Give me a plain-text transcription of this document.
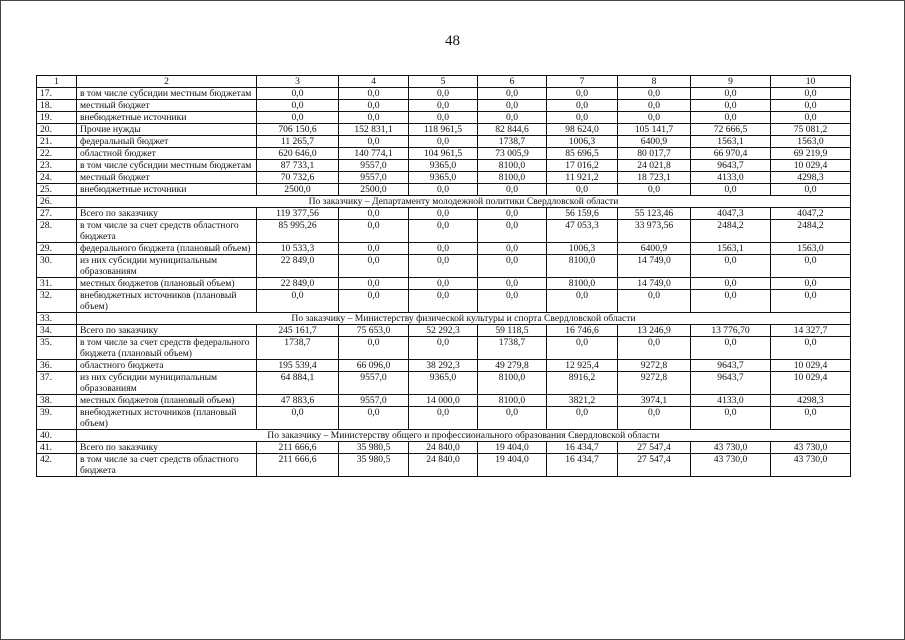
48
1	2	3	4	5	6	7	8	9	10
17.	в том числе субсидии местным бюджетам	0,0	0,0	0,0	0,0	0,0	0,0	0,0	0,0
18.	местный бюджет	0,0	0,0	0,0	0,0	0,0	0,0	0,0	0,0
19.	внебюджетные источники	0,0	0,0	0,0	0,0	0,0	0,0	0,0	0,0
20.	Прочие нужды	706 150,6	152 831,1	118 961,5	82 844,6	98 624,0	105 141,7	72 666,5	75 081,2
21.	федеральный бюджет	11 265,7	0,0	0,0	1738,7	1006,3	6400,9	1563,1	1563,0
22.	областной бюджет	620 646,0	140 774,1	104 961,5	73 005,9	85 696,5	80 017,7	66 970,4	69 219,9
23.	в том числе субсидии местным бюджетам	87 733,1	9557,0	9365,0	8100,0	17 016,2	24 021,8	9643,7	10 029,4
24.	местный бюджет	70 732,6	9557,0	9365,0	8100,0	11 921,2	18 723,1	4133,0	4298,3
25.	внебюджетные источники	2500,0	2500,0	0,0	0,0	0,0	0,0	0,0	0,0
26.	По заказчику – Департаменту молодежной политики Свердловской области								
27.	Всего по заказчику	119 377,56	0,0	0,0	0,0	56 159,6	55 123,46	4047,3	4047,2
28.	в том числе за счет средств областного бюджета	85 995,26	0,0	0,0	0,0	47 053,3	33 973,56	2484,2	2484,2
29.	федерального бюджета (плановый объем)	10 533,3	0,0	0,0	0,0	1006,3	6400,9	1563,1	1563,0
30.	из них субсидии муниципальным образованиям	22 849,0	0,0	0,0	0,0	8100,0	14 749,0	0,0	0,0
31.	местных бюджетов (плановый объем)	22 849,0	0,0	0,0	0,0	8100,0	14 749,0	0,0	0,0
32.	внебюджетных источников (плановый объем)	0,0	0,0	0,0	0,0	0,0	0,0	0,0	0,0
33.	По заказчику – Министерству физической культуры и спорта Свердловской области								
34.	Всего по заказчику	245 161,7	75 653,0	52 292,3	59 118,5	16 746,6	13 246,9	13 776,70	14 327,7
35.	в том числе за счет средств федерального бюджета (плановый объем)	1738,7	0,0	0,0	1738,7	0,0	0,0	0,0	0,0
36.	областного бюджета	195 539,4	66 096,0	38 292,3	49 279,8	12 925,4	9272,8	9643,7	10 029,4
37.	из них субсидии муниципальным образованиям	64 884,1	9557,0	9365,0	8100,0	8916,2	9272,8	9643,7	10 029,4
38.	местных бюджетов (плановый объем)	47 883,6	9557,0	14 000,0	8100,0	3821,2	3974,1	4133,0	4298,3
39.	внебюджетных источников (плановый объем)	0,0	0,0	0,0	0,0	0,0	0,0	0,0	0,0
40.	По заказчику – Министерству общего и профессионального образования Свердловской области								
41.	Всего по заказчику	211 666,6	35 980,5	24 840,0	19 404,0	16 434,7	27 547,4	43 730,0	43 730,0
42.	в том числе за счет средств областного бюджета	211 666,6	35 980,5	24 840,0	19 404,0	16 434,7	27 547,4	43 730,0	43 730,0
